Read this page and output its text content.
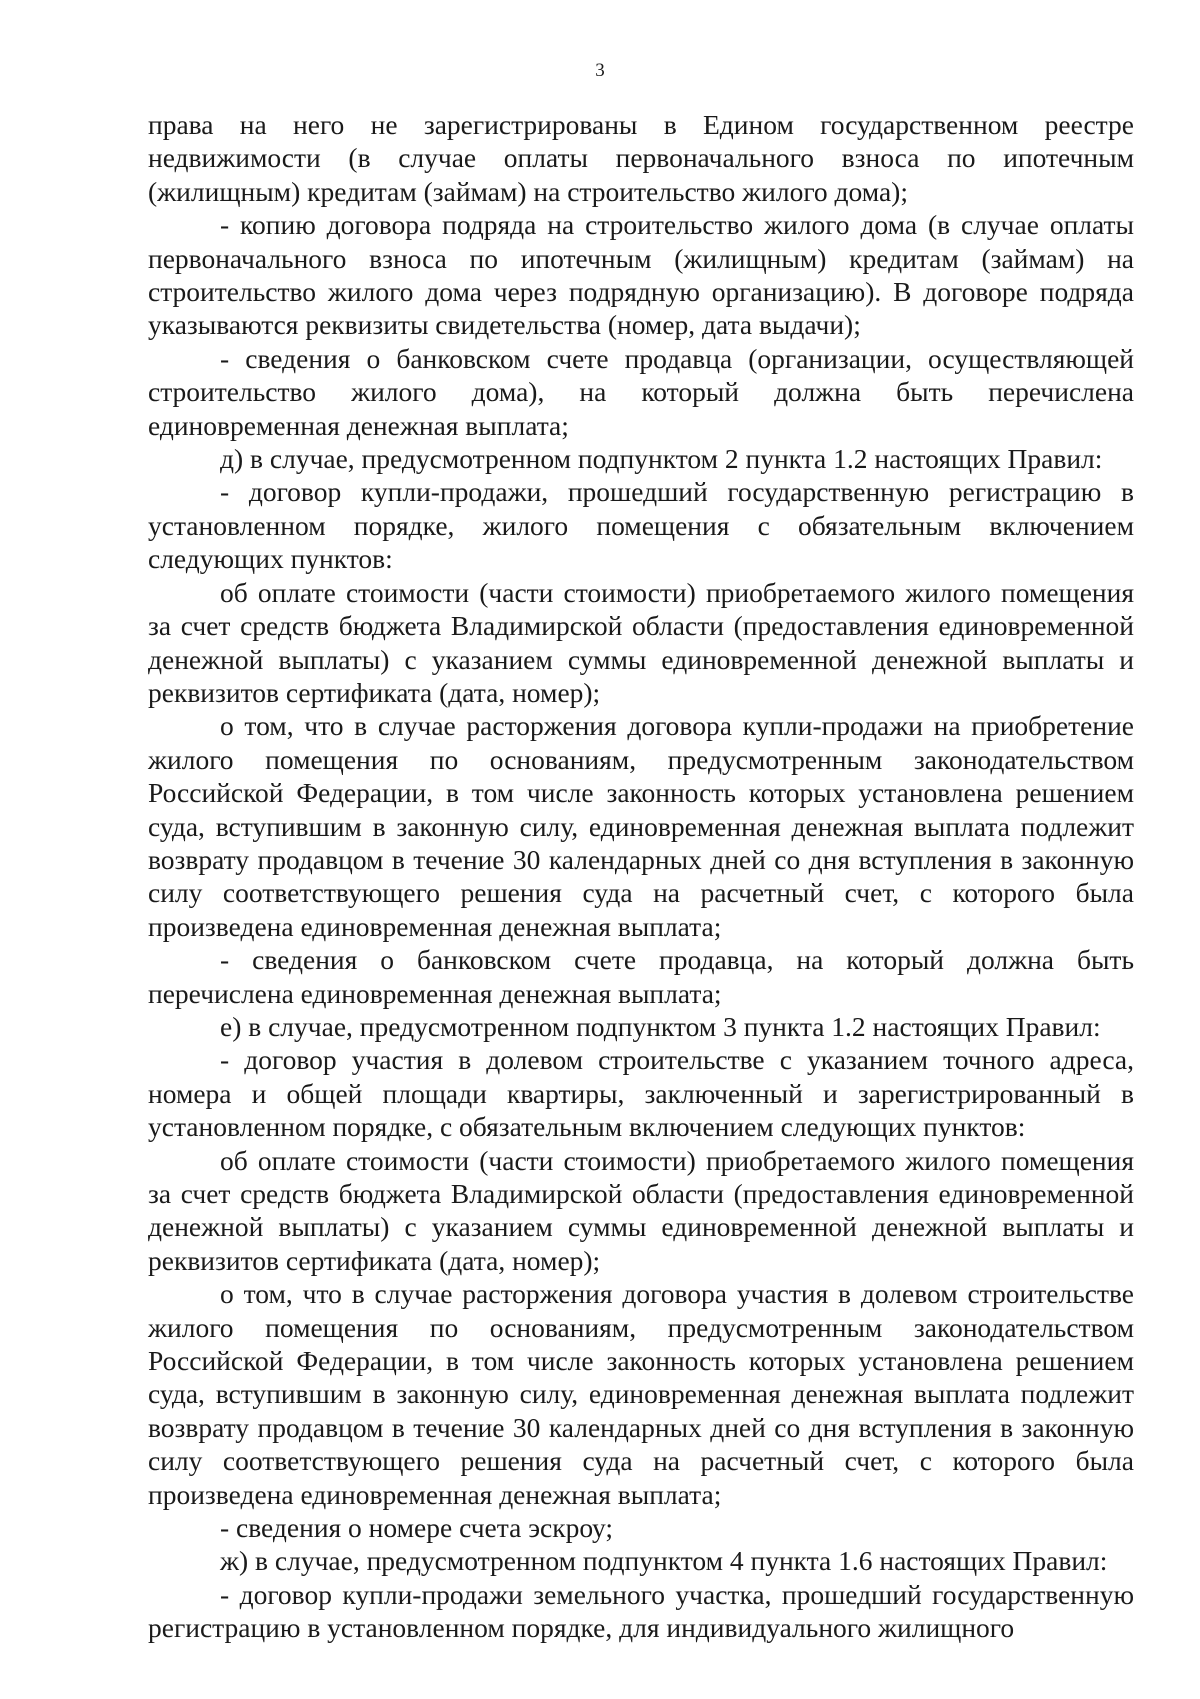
3

права на него не зарегистрированы в Едином государственном реестре недвижимости (в случае оплаты первоначального взноса по ипотечным (жилищным) кредитам (займам) на строительство жилого дома);

- копию договора подряда на строительство жилого дома (в случае оплаты первоначального взноса по ипотечным (жилищным) кредитам (займам) на строительство жилого дома через подрядную организацию). В договоре подряда указываются реквизиты свидетельства (номер, дата выдачи);

- сведения о банковском счете продавца (организации, осуществляющей строительство жилого дома), на который должна быть перечислена единовременная денежная выплата;

д) в случае, предусмотренном подпунктом 2 пункта 1.2 настоящих Правил:

- договор купли-продажи, прошедший государственную регистрацию в установленном порядке, жилого помещения с обязательным включением следующих пунктов:

об оплате стоимости (части стоимости) приобретаемого жилого помещения за счет средств бюджета Владимирской области (предоставления единовременной денежной выплаты) с указанием суммы единовременной денежной выплаты и реквизитов сертификата (дата, номер);

о том, что в случае расторжения договора купли-продажи на приобретение жилого помещения по основаниям, предусмотренным законодательством Российской Федерации, в том числе законность которых установлена решением суда, вступившим в законную силу, единовременная денежная выплата подлежит возврату продавцом в течение 30 календарных дней со дня вступления в законную силу соответствующего решения суда на расчетный счет, с которого была произведена единовременная денежная выплата;

- сведения о банковском счете продавца, на который должна быть перечислена единовременная денежная выплата;

е) в случае, предусмотренном подпунктом 3 пункта 1.2 настоящих Правил:

- договор участия в долевом строительстве с указанием точного адреса, номера и общей площади квартиры, заключенный и зарегистрированный в установленном порядке, с обязательным включением следующих пунктов:

об оплате стоимости (части стоимости) приобретаемого жилого помещения за счет средств бюджета Владимирской области (предоставления единовременной денежной выплаты) с указанием суммы единовременной денежной выплаты и реквизитов сертификата (дата, номер);

о том, что в случае расторжения договора участия в долевом строительстве жилого помещения по основаниям, предусмотренным законодательством Российской Федерации, в том числе законность которых установлена решением суда, вступившим в законную силу, единовременная денежная выплата подлежит возврату продавцом в течение 30 календарных дней со дня вступления в законную силу соответствующего решения суда на расчетный счет, с которого была произведена единовременная денежная выплата;

- сведения о номере счета эскроу;

ж) в случае, предусмотренном подпунктом 4 пункта 1.6 настоящих Правил:

- договор купли-продажи земельного участка, прошедший государственную регистрацию в установленном порядке, для индивидуального жилищного
